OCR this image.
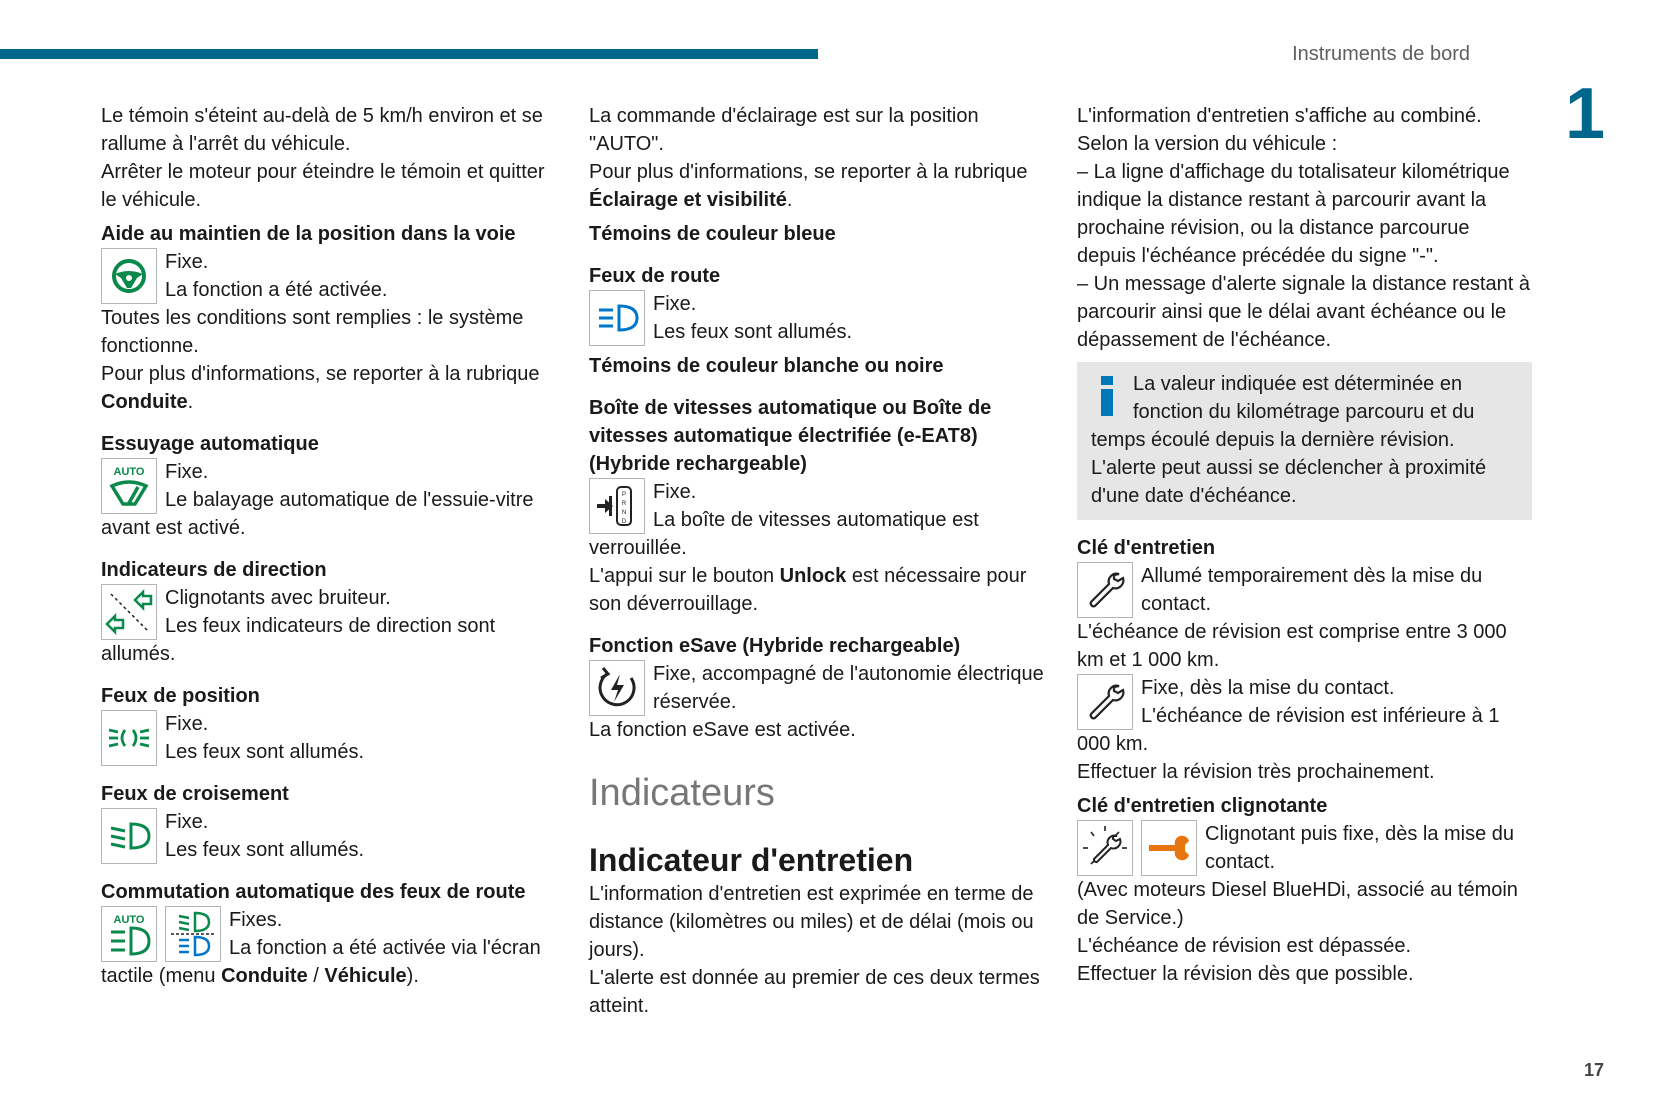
Instruments de bord
1

Le témoin s'éteint au-delà de 5 km/h environ et se rallume à l'arrêt du véhicule.

Arrêter le moteur pour éteindre le témoin et quitter le véhicule.

Aide au maintien de la position dans la voie

Fixe.

La fonction a été activée.

Toutes les conditions sont remplies : le système fonctionne.

Pour plus d'informations, se reporter à la rubrique Conduite.

Essuyage automatique

AUTO	Fixe.

Le balayage automatique de l'essuie-vitre avant est activé.

Indicateurs de direction

Clignotants avec bruiteur.

Les feux indicateurs de direction sont allumés.

Feux de position

Fixe.

Les feux sont allumés.

Feux de croisement

Fixe.

Les feux sont allumés.

Commutation automatique des feux de route

AUTO	Fixes.

La fonction a été activée via l'écran tactile (menu Conduite / Véhicule).

La commande d'éclairage est sur la position "AUTO".

Pour plus d'informations, se reporter à la rubrique Éclairage et visibilité.

Témoins de couleur bleue

Feux de route

Fixe.

Les feux sont allumés.

Témoins de couleur blanche ou noire

Boîte de vitesses automatique ou Boîte de vitesses automatique électrifiée (e-EAT8) (Hybride rechargeable)

P
R
N
D

Fixe.

La boîte de vitesses automatique est verrouillée.

L'appui sur le bouton Unlock est nécessaire pour son déverrouillage.

Fonction eSave (Hybride rechargeable)

Fixe, accompagné de l'autonomie électrique réservée.

La fonction eSave est activée.

Indicateurs

Indicateur d'entretien

L'information d'entretien est exprimée en terme de distance (kilomètres ou miles) et de délai (mois ou jours).

L'alerte est donnée au premier de ces deux termes atteint.

L'information d'entretien s'affiche au combiné.

Selon la version du véhicule :

– La ligne d'affichage du totalisateur kilométrique indique la distance restant à parcourir avant la prochaine révision, ou la distance parcourue depuis l'échéance précédée du signe "-".

– Un message d'alerte signale la distance restant à parcourir ainsi que le délai avant échéance ou le dépassement de l'échéance.

La valeur indiquée est déterminée en fonction du kilométrage parcouru et du temps écoulé depuis la dernière révision.

L'alerte peut aussi se déclencher à proximité d'une date d'échéance.

Clé d'entretien

Allumé temporairement dès la mise du contact.

L'échéance de révision est comprise entre 3 000 km et 1 000 km.

Fixe, dès la mise du contact.

L'échéance de révision est inférieure à 1 000 km.

Effectuer la révision très prochainement.

Clé d'entretien clignotante

Clignotant puis fixe, dès la mise du contact.

(Avec moteurs Diesel BlueHDi, associé au témoin de Service.)

L'échéance de révision est dépassée.

Effectuer la révision dès que possible.

17
